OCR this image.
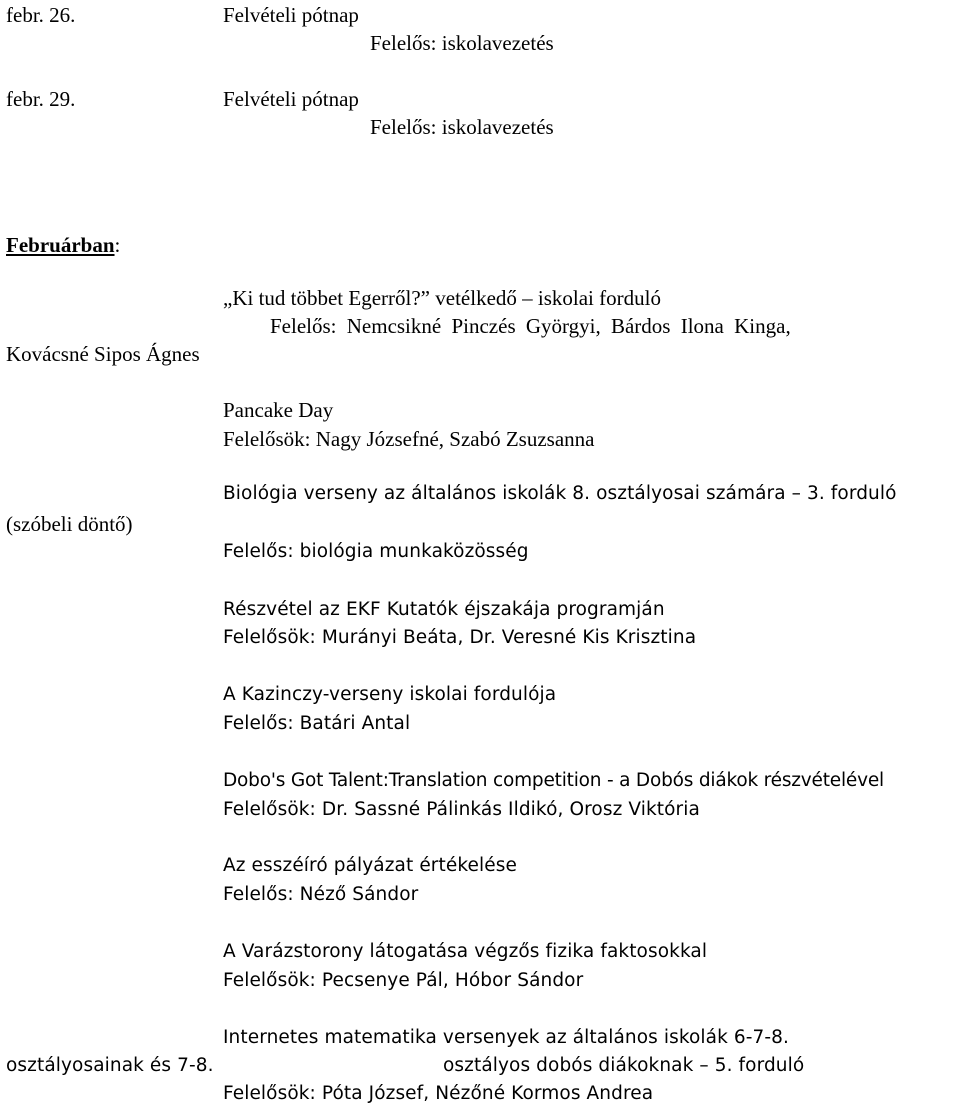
febr. 26.	Felvételi pótnap
Felelős: iskolavezetés
febr. 29.	Felvételi pótnap
Felelős: iskolavezetés
Februárban:
„Ki tud többet Egerről?” vetélkedő – iskolai forduló
Felelős: Nemcsikné Pinczés Györgyi, Bárdos Ilona Kinga,
Kovácsné Sipos Ágnes
Pancake Day
Felelősök: Nagy Józsefné, Szabó Zsuzsanna
Biológia verseny az általános iskolák 8. osztályosai számára – 3. forduló
(szóbeli döntő)
Felelős: biológia munkaközösség
Részvétel az EKF Kutatók éjszakája programján
Felelősök: Murányi Beáta, Dr. Veresné Kis Krisztina
A Kazinczy-verseny iskolai fordulója
Felelős: Batári Antal
Dobo's Got Talent:Translation competition - a Dobós diákok részvételével
Felelősök: Dr. Sassné Pálinkás Ildikó, Orosz Viktória
Az esszéíró pályázat értékelése
Felelős: Néző Sándor
A Varázstorony látogatása végzős fizika faktosokkal
Felelősök: Pecsenye Pál, Hóbor Sándor
Internetes matematika versenyek az általános iskolák 6-7-8.
osztályosainak és 7-8.	osztályos dobós diákoknak – 5. forduló
Felelősök: Póta József, Nézőné Kormos Andrea
